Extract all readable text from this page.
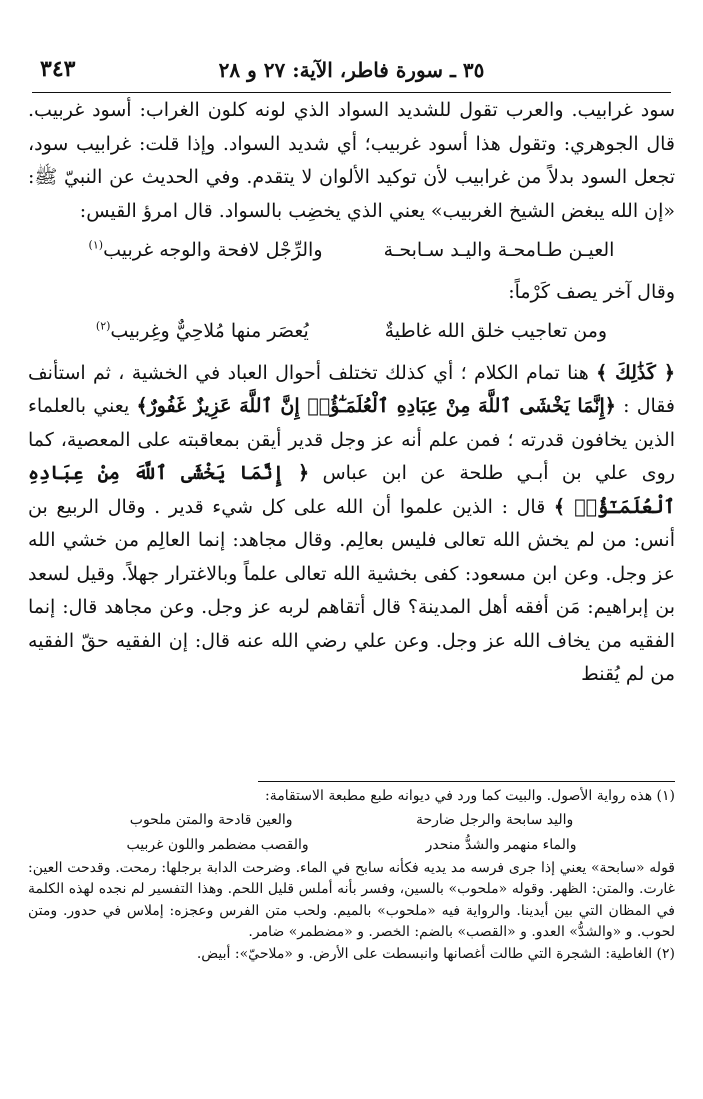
٣٥ ـ سورة فاطر، الآية: ٢٧ و ٢٨
٣٤٣

سود غرابيب. والعرب تقول للشديد السواد الذي لونه كلون الغراب: أسود غربيب. قال الجوهري: وتقول هذا أسود غربيب؛ أي شديد السواد. وإذا قلت: غرابيب سود، تجعل السود بدلاً من غرابيب لأن توكيد الألوان لا يتقدم. وفي الحديث عن النبيّ ﷺ: «إن الله يبغض الشيخ الغربيب» يعني الذي يخضِب بالسواد. قال امرؤ القيس:

العيـن طـامحـة واليـد سـابحـة
والرِّجْل لافحة والوجه غربيب$^{(١)}$

وقال آخر يصف كَرْماً:

ومن تعاجيب خلق الله غاطيةٌ
يُعصَر منها مُلاحِيٌّ وغِربيب$^{(٢)}$

﴿ كَذَٰلِكَ ﴾ هنا تمام الكلام ؛ أي كذلك تختلف أحوال العباد في الخشية ، ثم استأنف فقال : ﴿إِنَّمَا يَخْشَى ٱللَّهَ مِنْ عِبَادِهِ ٱلْعُلَمَـٰٓؤُا۟ إِنَّ ٱللَّهَ عَزِيزٌ غَفُورٌ﴾ يعني بالعلماء الذين يخافون قدرته ؛ فمن علم أنه عز وجل قدير أيقن بمعاقبته على المعصية، كما روى علي بن أبـي طلحة عن ابن عباس ﴿ إِنَّمَا يَخْشَى ٱللَّهَ مِنْ عِبَادِهِ ٱلْعُلَمَـٰٓؤُا۟ ﴾ قال : الذين علموا أن الله على كل شيء قدير . وقال الربيع بن أنس: من لم يخش الله تعالى فليس بعالِم. وقال مجاهد: إنما العالِم من خشي الله عز وجل. وعن ابن مسعود: كفى بخشية الله تعالى علماً وبالاغترار جهلاً. وقيل لسعد بن إبراهيم: مَن أفقه أهل المدينة؟ قال أتقاهم لربه عز وجل. وعن مجاهد قال: إنما الفقيه من يخاف الله عز وجل. وعن علي رضي الله عنه قال: إن الفقيه حقّ الفقيه من لم يُقنط

(١) هذه رواية الأصول. والبيت كما ورد في ديوانه طبع مطبعة الاستقامة:

واليد سابحة والرجل ضارحة
والعين قادحة والمتن ملحوب
والماء منهمر والشدُّ منحدر
والقصب مضطمر واللون غربيب

قوله «سابحة» يعني إذا جرى فرسه مد يديه فكأنه سابح في الماء. وضرحت الدابة برجلها: رمحت. وقدحت العين: غارت. والمتن: الظهر. وقوله «ملحوب» بالسين، وفسر بأنه أملس قليل اللحم. وهذا التفسير لم نجده لهذه الكلمة في المظان التي بين أيدينا. والرواية فيه «ملحوب» بالميم. ولحب متن الفرس وعجزه: إملاس في حدور. ومتن لحوب. و «والشدُّ» العدو. و «القصب» بالضم: الخصر. و «مضطمر» ضامر.

(٢) الغاطية: الشجرة التي طالت أغصانها وانبسطت على الأرض. و «ملاحيّ»: أبيض.
